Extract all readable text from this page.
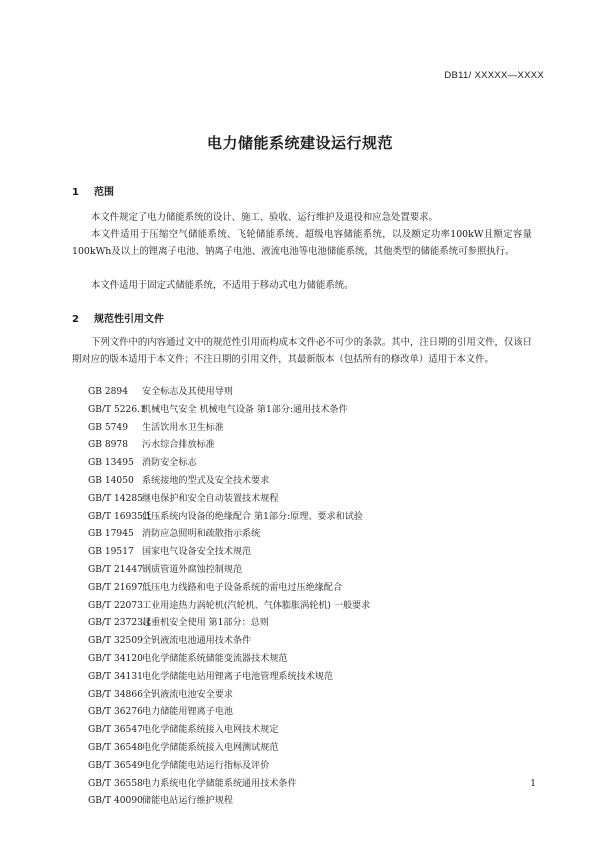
DB11/ XXXXX—XXXX
电力储能系统建设运行规范
1 范围

本文件规定了电力储能系统的设计、施工、验收、运行维护及退役和应急处置要求。

本文件适用于压缩空气储能系统、飞轮储能系统、超级电容储能系统，以及额定功率100kW且额定容量100kWh及以上的锂离子电池、钠离子电池、液流电池等电池储能系统，其他类型的储能系统可参照执行。

本文件适用于固定式储能系统，不适用于移动式电力储能系统。

2 规范性引用文件

下列文件中的内容通过文中的规范性引用而构成本文件必不可少的条款。其中，注日期的引用文件，仅该日期对应的版本适用于本文件；不注日期的引用文件，其最新版本（包括所有的修改单）适用于本文件。

GB 2894 安全标志及其使用导则
GB/T 5226.1机械电气安全 机械电气设备 第1部分:通用技术条件
GB 5749 生活饮用水卫生标准
GB 8978 污水综合排放标准
GB 13495 消防安全标志
GB 14050 系统接地的型式及安全技术要求
GB/T 14285继电保护和安全自动装置技术规程
GB/T 16935.1低压系统内设备的绝缘配合 第1部分:原理、要求和试验
GB 17945 消防应急照明和疏散指示系统
GB 19517 国家电气设备安全技术规范
GB/T 21447钢质管道外腐蚀控制规范
GB/T 21697低压电力线路和电子设备系统的雷电过压绝缘配合
GB/T 22073工业用途热力涡轮机(汽轮机、气体膨胀涡轮机) 一般要求
GB/T 23723.1起重机安全使用 第1部分：总则
GB/T 32509全钒液流电池通用技术条件
GB/T 34120电化学储能系统储能变流器技术规范
GB/T 34131电化学储能电站用锂离子电池管理系统技术规范
GB/T 34866全钒液流电池安全要求
GB/T 36276电力储能用锂离子电池
GB/T 36547电化学储能系统接入电网技术规定
GB/T 36548电化学储能系统接入电网测试规范
GB/T 36549电化学储能电站运行指标及评价
GB/T 36558电力系统电化学储能系统通用技术条件
GB/T 40090储能电站运行维护规程
1
